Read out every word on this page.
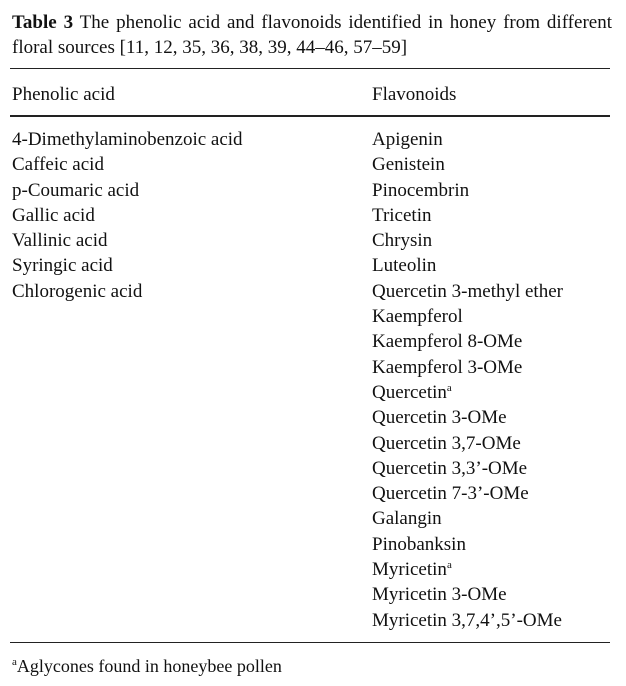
Table 3 The phenolic acid and flavonoids identified in honey from different floral sources [11, 12, 35, 36, 38, 39, 44–46, 57–59]
Phenolic acid	Flavonoids
4-Dimethylaminobenzoic acid
Caffeic acid
p-Coumaric acid
Gallic acid
Vallinic acid
Syringic acid
Chlorogenic acid
Apigenin
Genistein
Pinocembrin
Tricetin
Chrysin
Luteolin
Quercetin 3-methyl ether
Kaempferol
Kaempferol 8-OMe
Kaempferol 3-OMe
Quercetin$^a$
Quercetin 3-OMe
Quercetin 3,7-OMe
Quercetin 3,3’-OMe
Quercetin 7-3’-OMe
Galangin
Pinobanksin
Myricetin$^a$
Myricetin 3-OMe
Myricetin 3,7,4’,5’-OMe
$^a$Aglycones found in honeybee pollen
